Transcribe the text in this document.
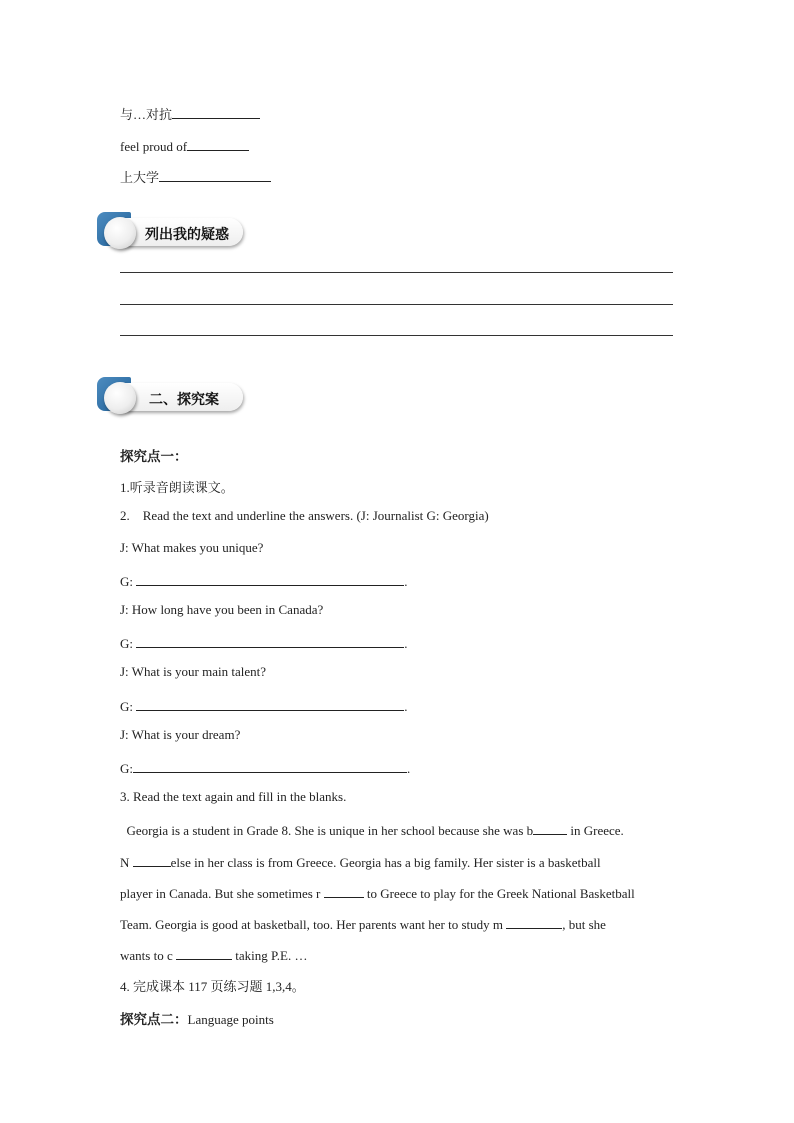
与…对抗
feel proud of
上大学
列出我的疑惑
二、探究案
探究点一：
1.听录音朗读课文。
2. Read the text and underline the answers. (J: Journalist G: Georgia)
J: What makes you unique?
G:	.
J: How long have you been in Canada?
G:	.
J: What is your main talent?
G:	.
J: What is your dream?
G:	.
3. Read the text again and fill in the blanks.
Georgia is a student in Grade 8. She is unique in her school because she was b	in Greece.
N	else in her class is from Greece. Georgia has a big family. Her sister is a basketball
player in Canada. But she sometimes r	to Greece to play for the Greek National Basketball
Team. Georgia is good at basketball, too. Her parents want her to study m	, but she
wants to c	taking P.E. …
4. 完成课本 117 页练习题 1,3,4。
探究点二：Language points
